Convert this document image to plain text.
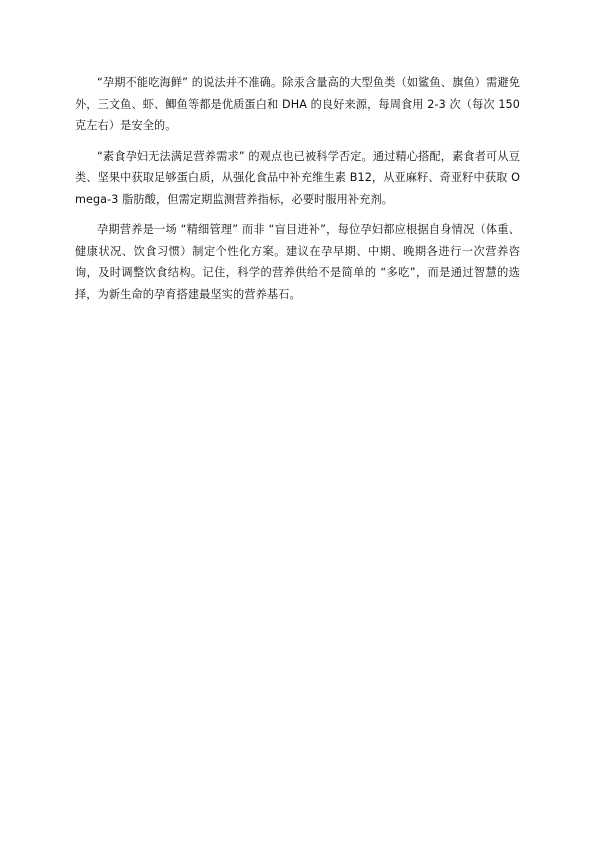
“孕期不能吃海鲜” 的说法并不准确。除汞含量高的大型鱼类（如鲨鱼、旗鱼）需避免外，三文鱼、虾、鲫鱼等都是优质蛋白和 DHA 的良好来源，每周食用 2-3 次（每次 150 克左右）是安全的。

“素食孕妇无法满足营养需求” 的观点也已被科学否定。通过精心搭配，素食者可从豆类、坚果中获取足够蛋白质，从强化食品中补充维生素 B12，从亚麻籽、奇亚籽中获取 Omega-3 脂肪酸，但需定期监测营养指标，必要时服用补充剂。

孕期营养是一场 “精细管理” 而非 “盲目进补”，每位孕妇都应根据自身情况（体重、健康状况、饮食习惯）制定个性化方案。建议在孕早期、中期、晚期各进行一次营养咨询，及时调整饮食结构。记住，科学的营养供给不是简单的 “多吃”，而是通过智慧的选择，为新生命的孕育搭建最坚实的营养基石。
